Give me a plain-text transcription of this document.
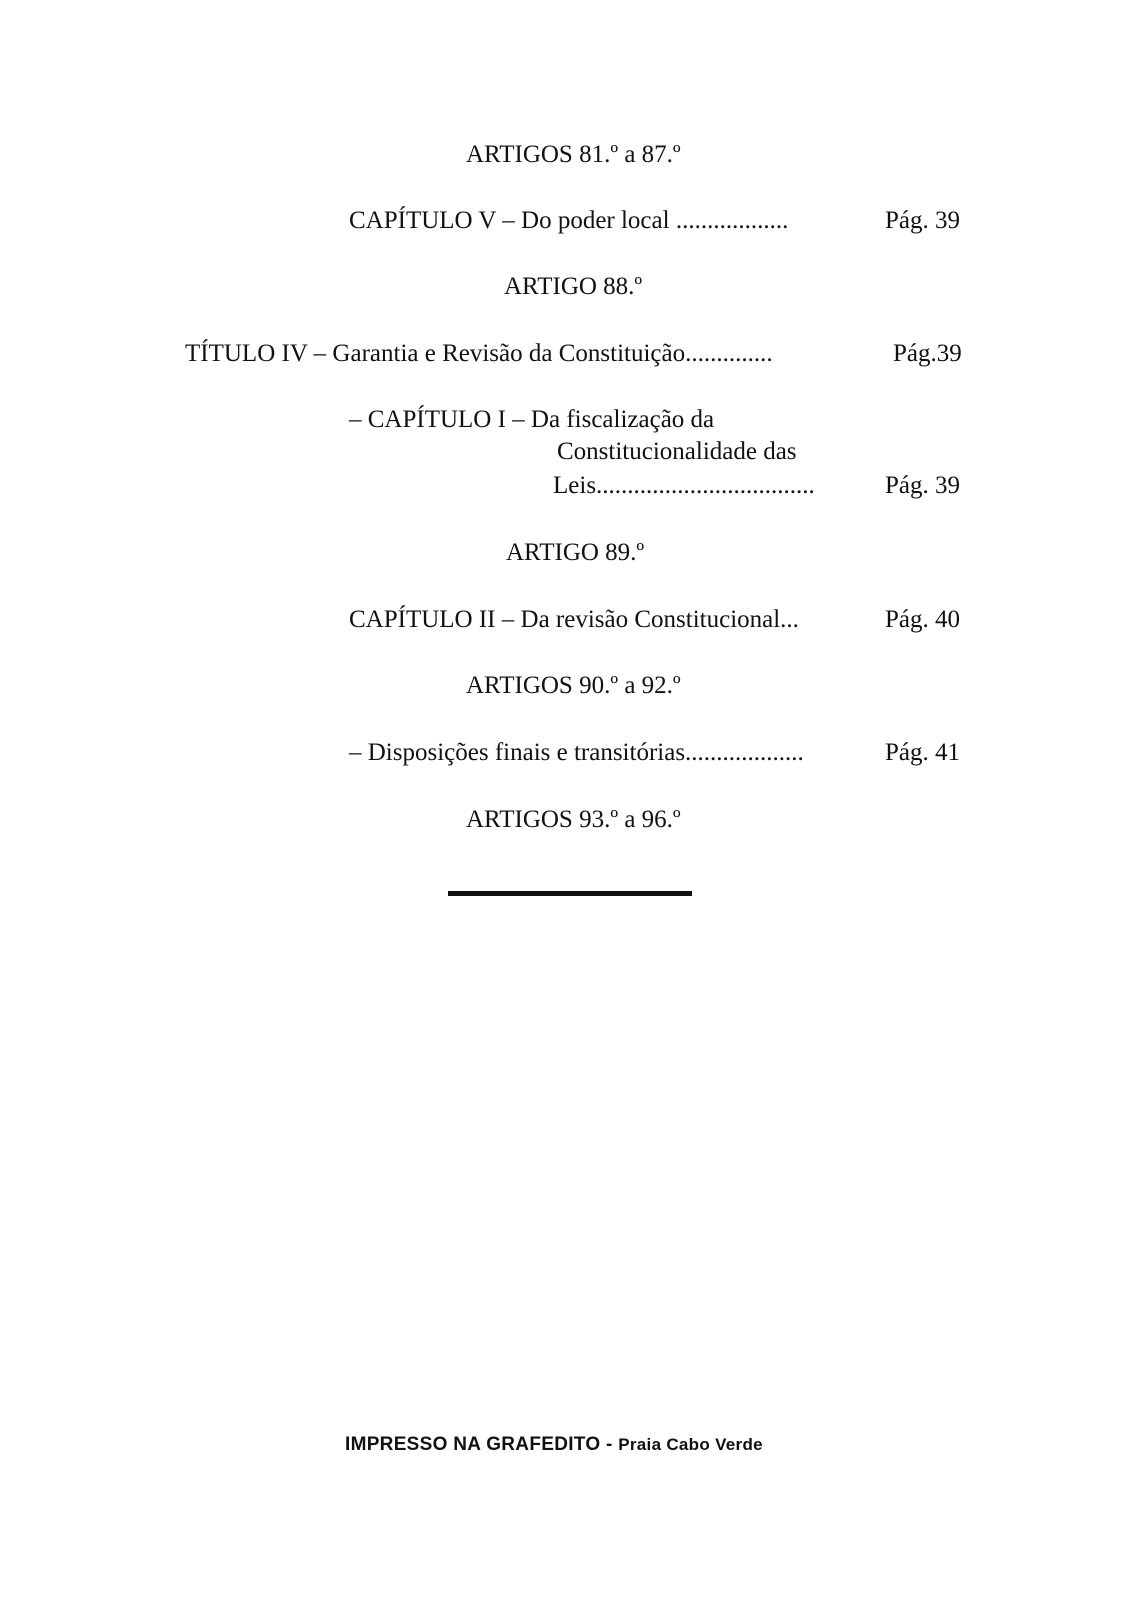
ARTIGOS 81.º a 87.º
CAPÍTULO V – Do poder local ..................	Pág. 39
ARTIGO 88.º
TÍTULO IV – Garantia e Revisão da Constituição..............	Pág.39
– CAPÍTULO I – Da fiscalização da
Constitucionalidade das
Leis...................................	Pág. 39
ARTIGO 89.º
CAPÍTULO II – Da revisão Constitucional...	Pág. 40
ARTIGOS 90.º a 92.º
– Disposições finais e transitórias...................	Pág. 41
ARTIGOS 93.º a 96.º
IMPRESSO NA GRAFEDITO - Praia Cabo Verde
